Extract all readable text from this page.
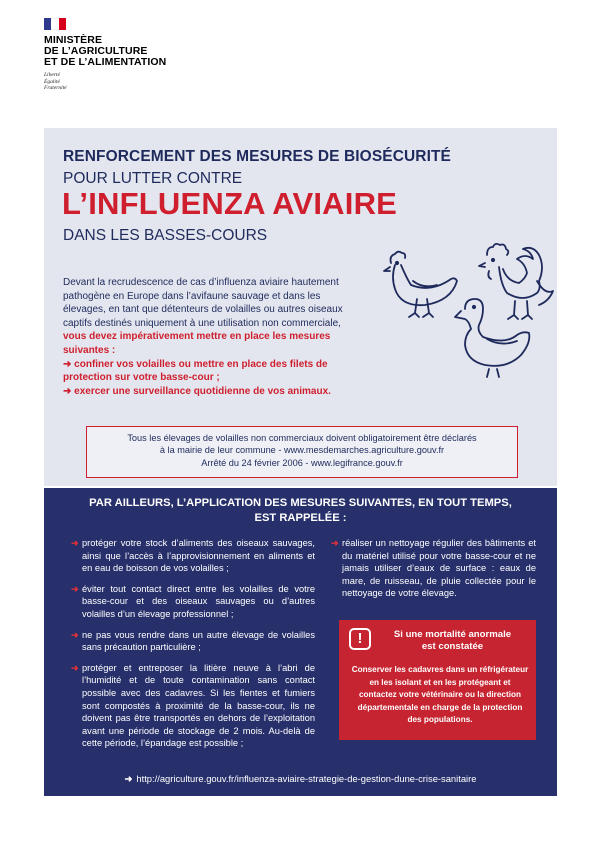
MINISTÈRE
DE L’AGRICULTURE
ET DE L’ALIMENTATION
Liberté
Égalité
Fraternité
RENFORCEMENT DES MESURES DE BIOSÉCURITÉ
POUR LUTTER CONTRE
L’INFLUENZA AVIAIRE
DANS LES BASSES-COURS
Devant la recrudescence de cas d’influenza aviaire hautement pathogène en Europe dans l’avifaune sauvage et dans les élevages, en tant que détenteurs de volailles ou autres oiseaux captifs destinés uniquement à une utilisation non commerciale, vous devez impérativement mettre en place les mesures suivantes :
➜ confiner vos volailles ou mettre en place des filets de protection sur votre basse-cour ;
➜ exercer une surveillance quotidienne de vos animaux.
Tous les élevages de volailles non commerciaux doivent obligatoirement être déclarés
à la mairie de leur commune - www.mesdemarches.agriculture.gouv.fr
Arrêté du 24 février 2006 - www.legifrance.gouv.fr
PAR AILLEURS, L’APPLICATION DES MESURES SUIVANTES, EN TOUT TEMPS,
EST RAPPELÉE :
➜ protéger votre stock d’aliments des oiseaux sauvages, ainsi que l’accès à l’approvisionnement en aliments et en eau de boisson de vos volailles ;
➜ éviter tout contact direct entre les volailles de votre basse-cour et des oiseaux sauvages ou d’autres volailles d’un élevage professionnel ;
➜ ne pas vous rendre dans un autre élevage de volailles sans précaution particulière ;
➜ protéger et entreposer la litière neuve à l’abri de l’humidité et de toute contamination sans contact possible avec des cadavres. Si les fientes et fumiers sont compostés à proximité de la basse-cour, ils ne doivent pas être transportés en dehors de l’exploitation avant une période de stockage de 2 mois. Au-delà de cette période, l’épandage est possible ;
➜ réaliser un nettoyage régulier des bâtiments et du matériel utilisé pour votre basse-cour et ne jamais utiliser d’eaux de surface : eaux de mare, de ruisseau, de pluie collectée pour le nettoyage de votre élevage.
!	Si une mortalité anormale
est constatée
Conserver les cadavres dans un réfrigérateur en les isolant et en les protégeant et contactez votre vétérinaire ou la direction départementale en charge de la protection des populations.
➜ http://agriculture.gouv.fr/influenza-aviaire-strategie-de-gestion-dune-crise-sanitaire
